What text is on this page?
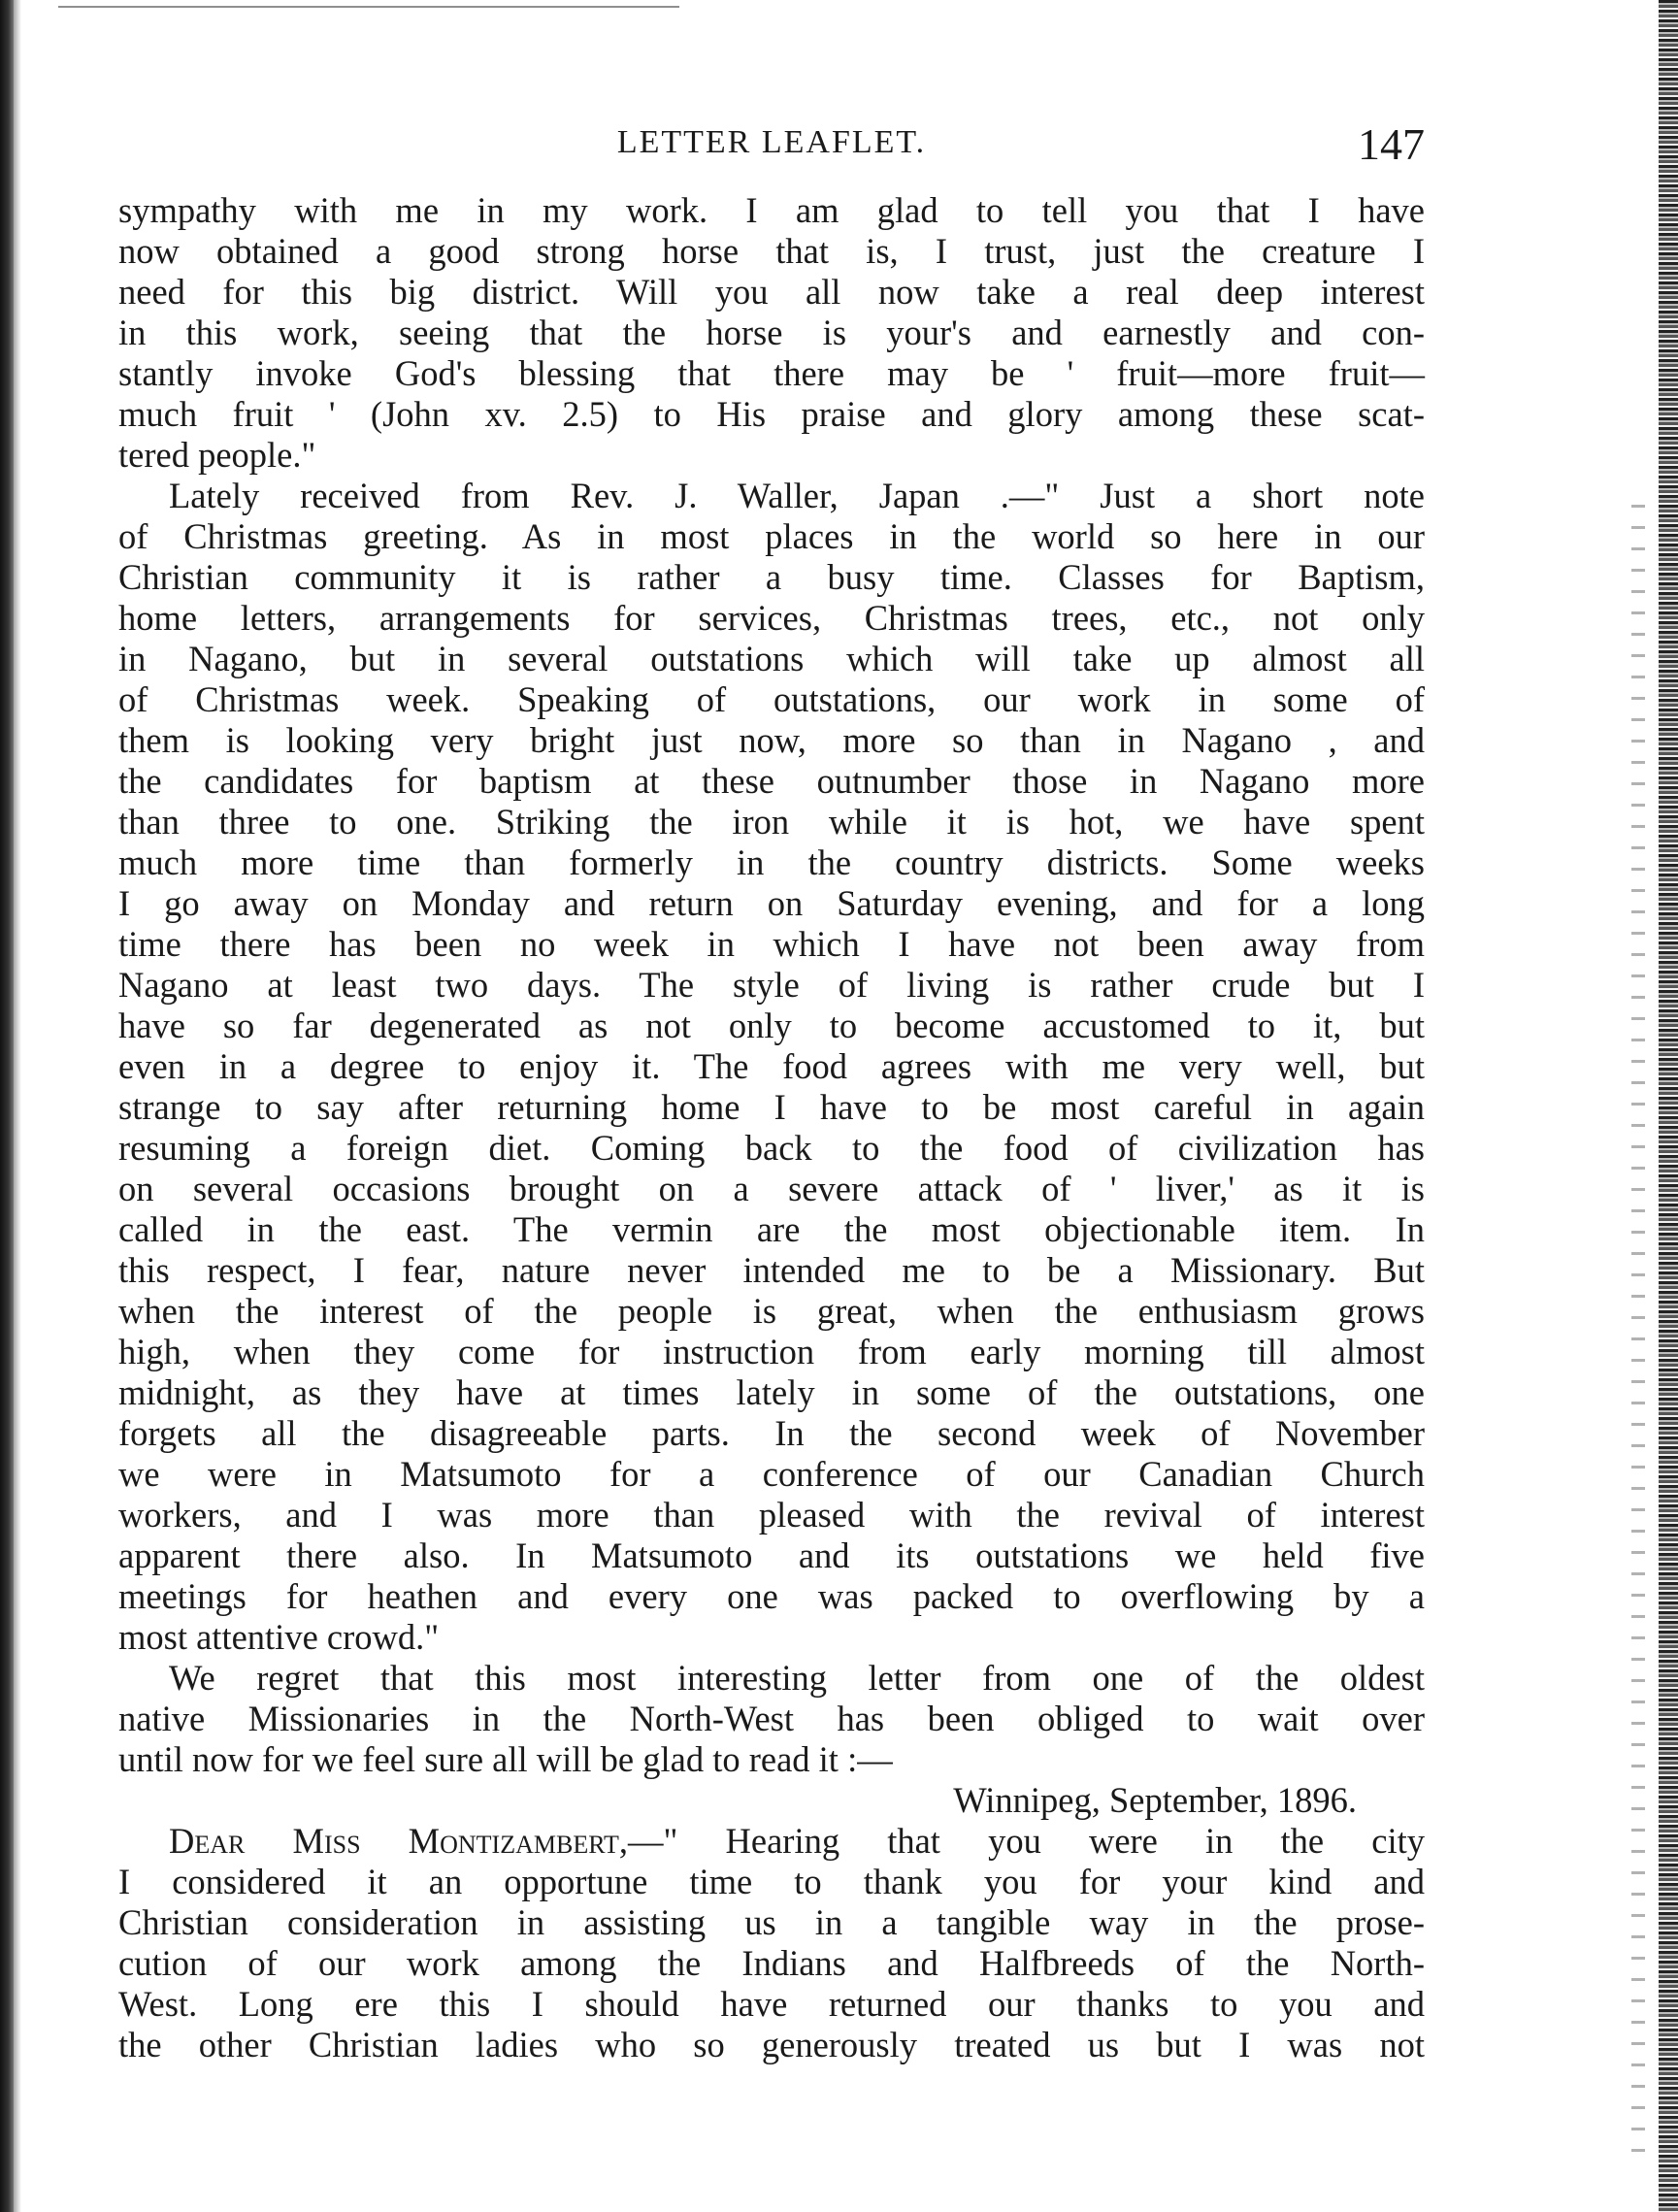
LETTER LEAFLET.	147
sympathy with me in my work. I am glad to tell you that I have
now obtained a good strong horse that is, I trust, just the creature I
need for this big district. Will you all now take a real deep interest
in this work, seeing that the horse is your's and earnestly and con-
stantly invoke God's blessing that there may be ' fruit—more fruit—
much fruit ' (John xv. 2.5) to His praise and glory among these scat-
tered people."
Lately received from Rev. J. Waller, Japan .—" Just a short note
of Christmas greeting. As in most places in the world so here in our
Christian community it is rather a busy time. Classes for Baptism,
home letters, arrangements for services, Christmas trees, etc., not only
in Nagano, but in several outstations which will take up almost all
of Christmas week. Speaking of outstations, our work in some of
them is looking very bright just now, more so than in Nagano , and
the candidates for baptism at these outnumber those in Nagano more
than three to one. Striking the iron while it is hot, we have spent
much more time than formerly in the country districts. Some weeks
I go away on Monday and return on Saturday evening, and for a long
time there has been no week in which I have not been away from
Nagano at least two days. The style of living is rather crude but I
have so far degenerated as not only to become accustomed to it, but
even in a degree to enjoy it. The food agrees with me very well, but
strange to say after returning home I have to be most careful in again
resuming a foreign diet. Coming back to the food of civilization has
on several occasions brought on a severe attack of ' liver,' as it is
called in the east. The vermin are the most objectionable item. In
this respect, I fear, nature never intended me to be a Missionary. But
when the interest of the people is great, when the enthusiasm grows
high, when they come for instruction from early morning till almost
midnight, as they have at times lately in some of the outstations, one
forgets all the disagreeable parts. In the second week of November
we were in Matsumoto for a conference of our Canadian Church
workers, and I was more than pleased with the revival of interest
apparent there also. In Matsumoto and its outstations we held five
meetings for heathen and every one was packed to overflowing by a
most attentive crowd."
We regret that this most interesting letter from one of the oldest
native Missionaries in the North-West has been obliged to wait over
until now for we feel sure all will be glad to read it :—
Winnipeg, September, 1896.
Dear Miss Montizambert,—" Hearing that you were in the city
I considered it an opportune time to thank you for your kind and
Christian consideration in assisting us in a tangible way in the prose-
cution of our work among the Indians and Halfbreeds of the North-
West. Long ere this I should have returned our thanks to you and
the other Christian ladies who so generously treated us but I was not
